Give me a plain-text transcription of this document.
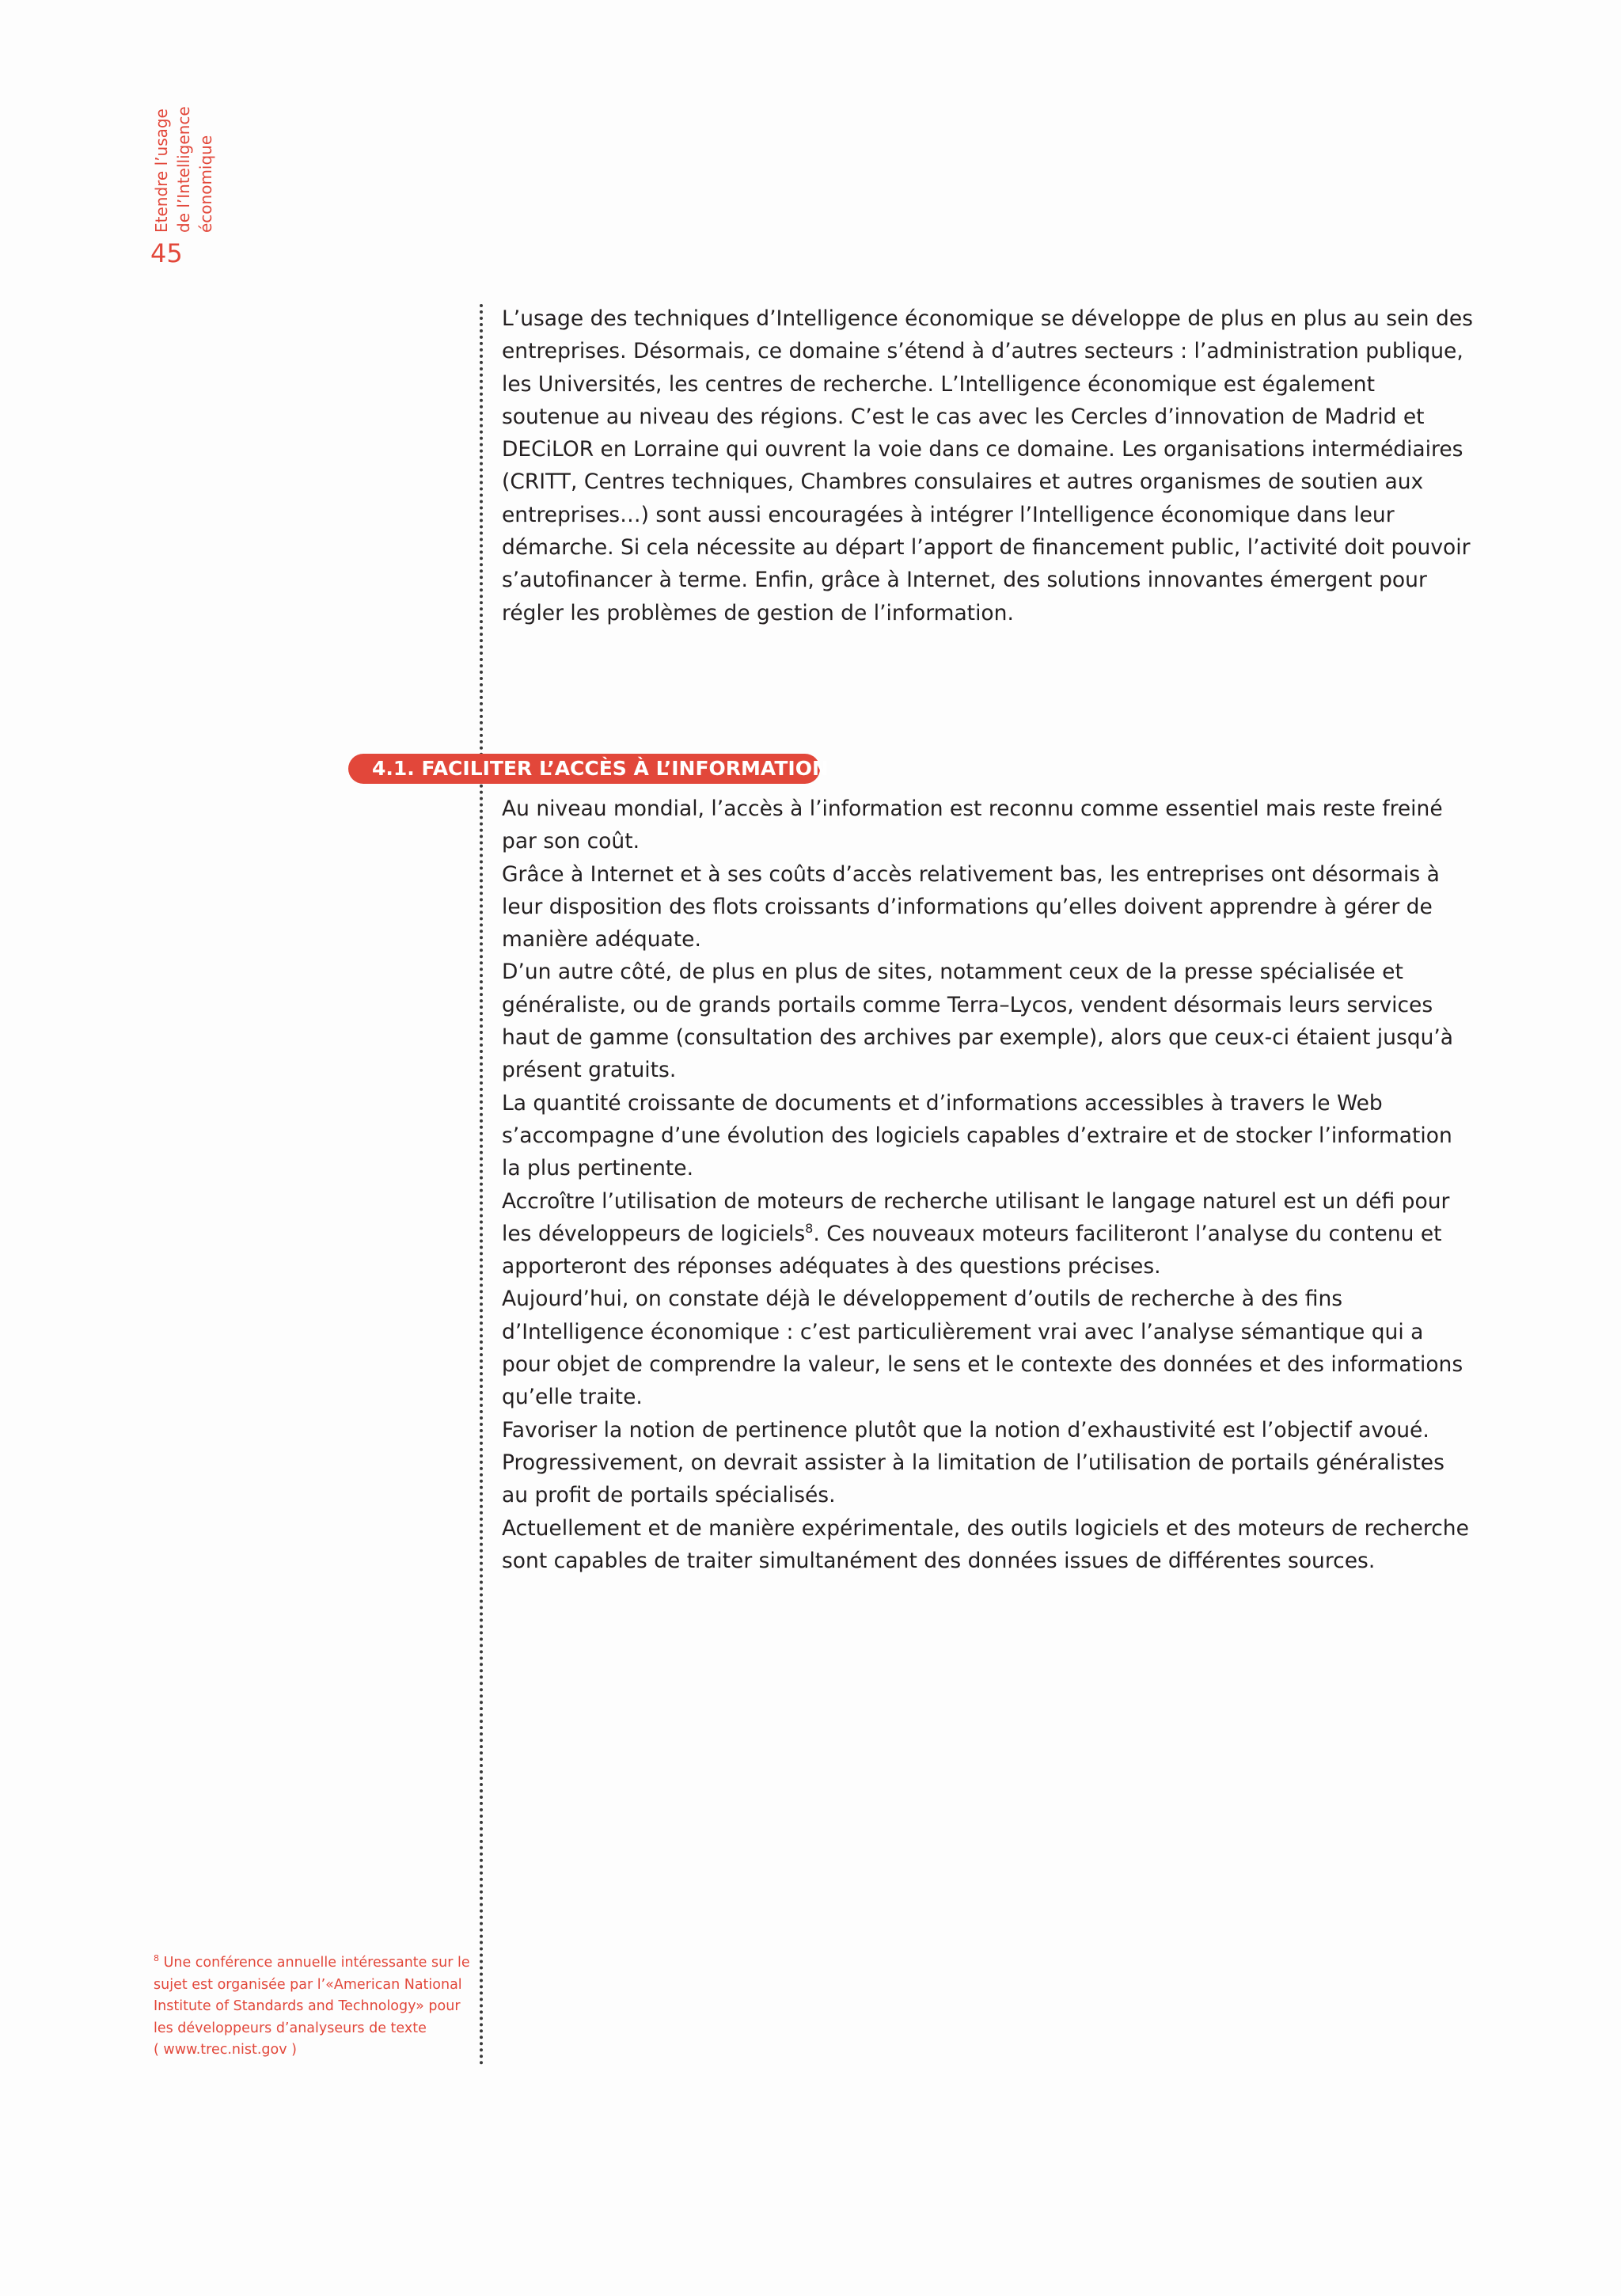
Etendre l’usage de l’Intelligence économique
45

L’usage des techniques d’Intelligence économique se développe de plus en plus au sein des entreprises. Désormais, ce domaine s’étend à d’autres secteurs : l’administration publique, les Universités, les centres de recherche. L’Intelligence économique est également soutenue au niveau des régions. C’est le cas avec les Cercles d’innovation de Madrid et DECiLOR en Lorraine qui ouvrent la voie dans ce domaine. Les organisations intermédiaires (CRITT, Centres techniques, Chambres consulaires et autres organismes de soutien aux entreprises…) sont aussi encouragées à intégrer l’Intelligence économique dans leur démarche. Si cela nécessite au départ l’apport de financement public, l’activité doit pouvoir s’autofinancer à terme. Enfin, grâce à Internet, des solutions innovantes émergent pour régler les problèmes de gestion de l’information.

4.1. FACILITER L’ACCÈS À L’INFORMATION

Au niveau mondial, l’accès à l’information est reconnu comme essentiel mais reste freiné par son coût.

Grâce à Internet et à ses coûts d’accès relativement bas, les entreprises ont désormais à leur disposition des flots croissants d’informations qu’elles doivent apprendre à gérer de manière adéquate.

D’un autre côté, de plus en plus de sites, notamment ceux de la presse spécialisée et généraliste, ou de grands portails comme Terra–Lycos, vendent désormais leurs services haut de gamme (consultation des archives par exemple), alors que ceux-ci étaient jusqu’à présent gratuits.

La quantité croissante de documents et d’informations accessibles à travers le Web s’accompagne d’une évolution des logiciels capables d’extraire et de stocker l’information la plus pertinente.

Accroître l’utilisation de moteurs de recherche utilisant le langage naturel est un défi pour les développeurs de logiciels$^8$. Ces nouveaux moteurs faciliteront l’analyse du contenu et apporteront des réponses adéquates à des questions précises.

Aujourd’hui, on constate déjà le développement d’outils de recherche à des fins d’Intelligence économique : c’est particulièrement vrai avec l’analyse sémantique qui a pour objet de comprendre la valeur, le sens et le contexte des données et des informations qu’elle traite.

Favoriser la notion de pertinence plutôt que la notion d’exhaustivité est l’objectif avoué.

Progressivement, on devrait assister à la limitation de l’utilisation de portails généralistes au profit de portails spécialisés.

Actuellement et de manière expérimentale, des outils logiciels et des moteurs de recherche sont capables de traiter simultanément des données issues de différentes sources.

$^8$ Une conférence annuelle intéressante sur le
sujet est organisée par l’«American National
Institute of Standards and Technology» pour
les développeurs d’analyseurs de texte
( www.trec.nist.gov )
